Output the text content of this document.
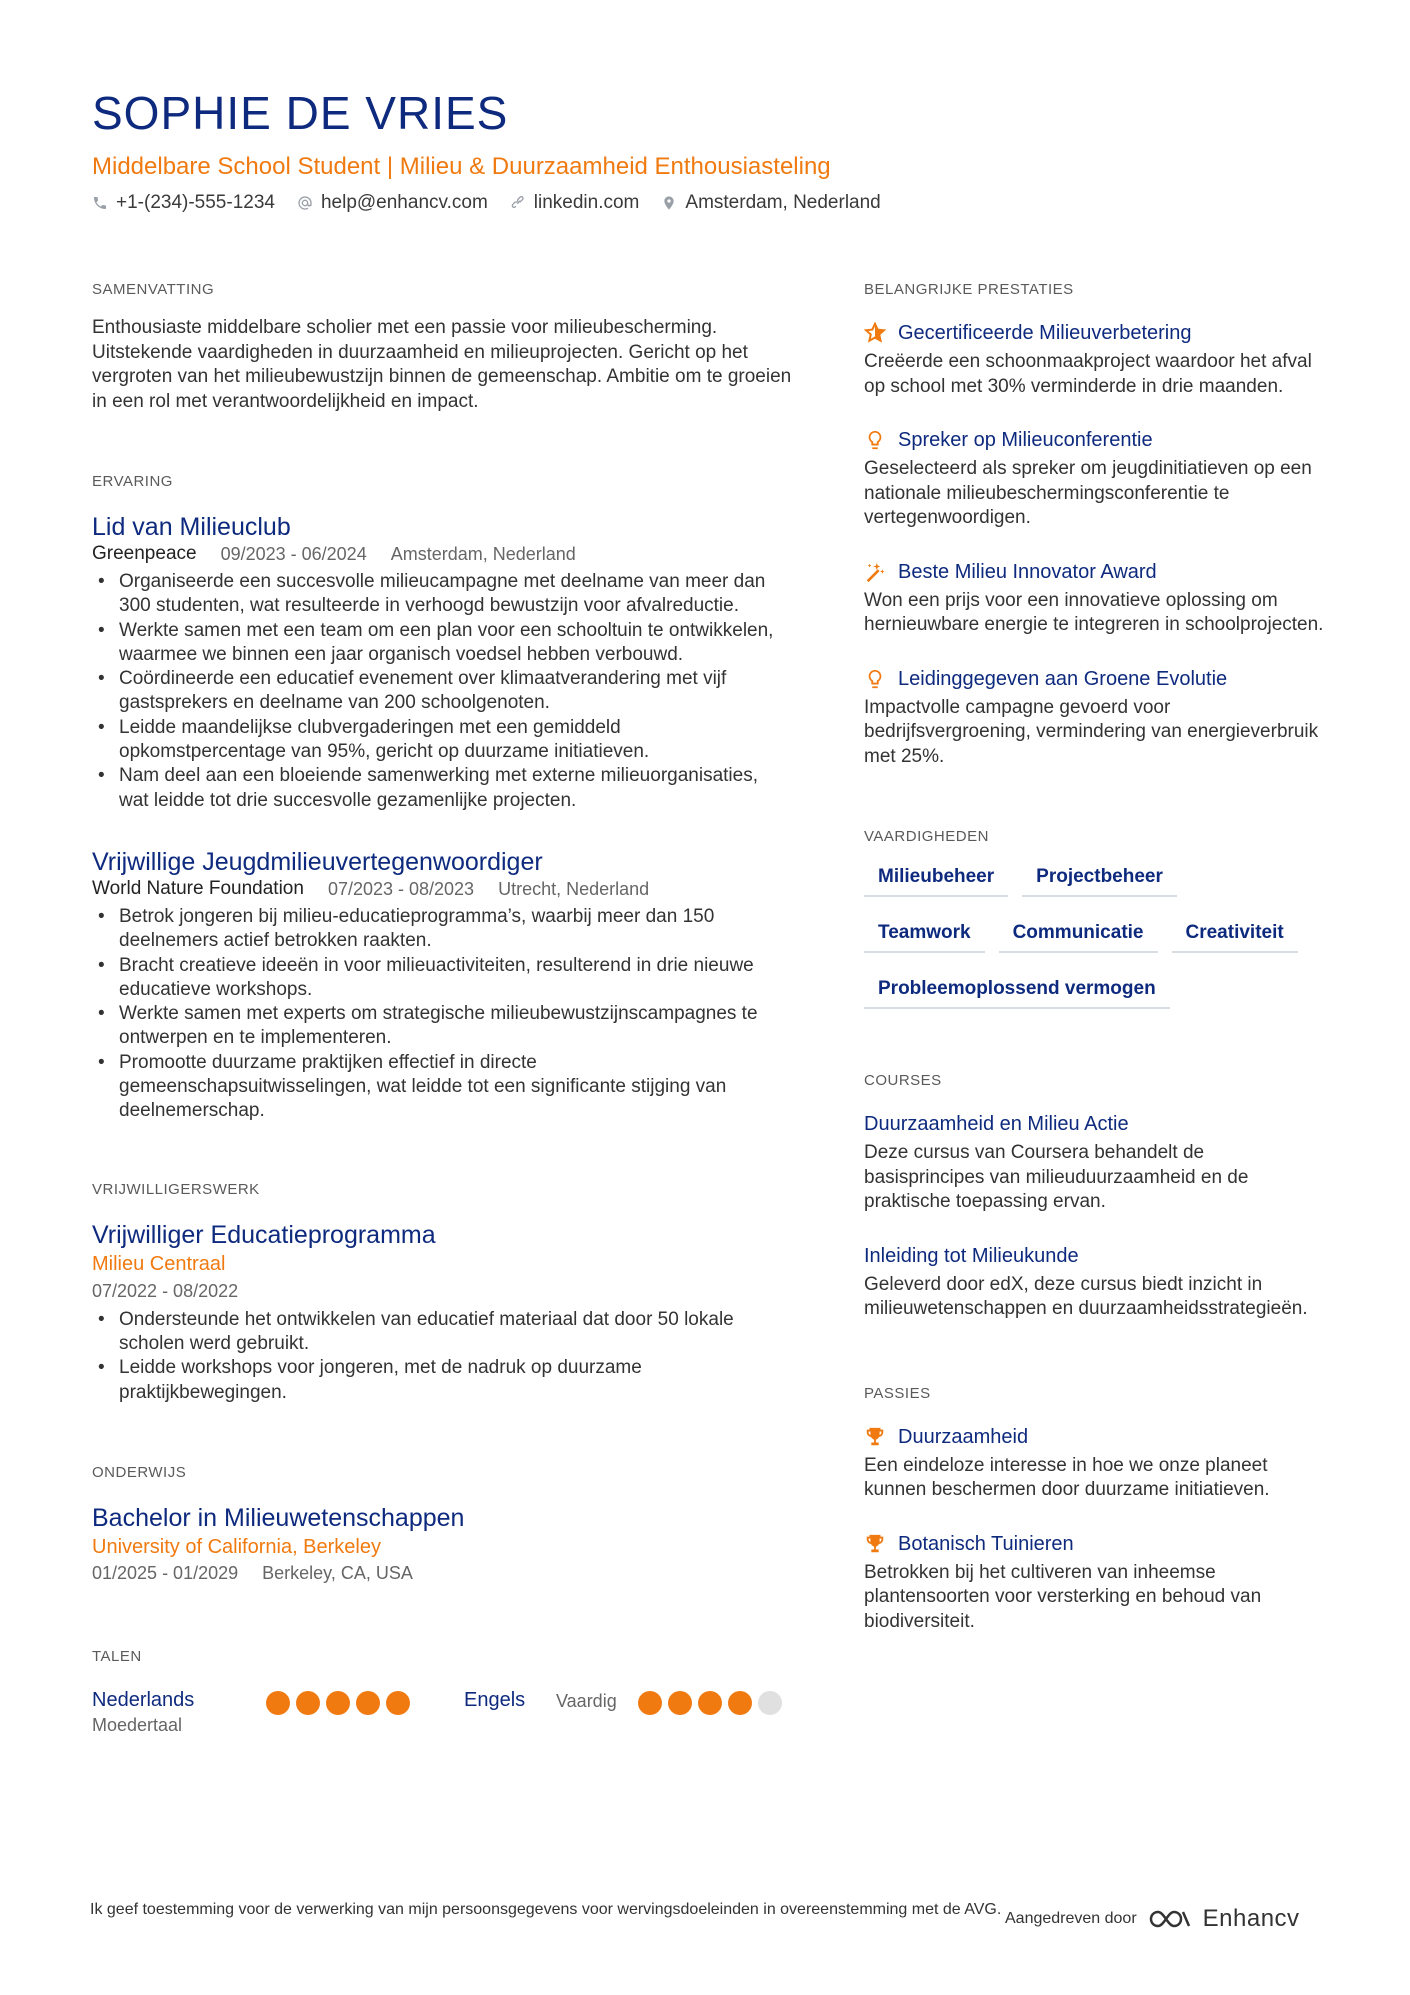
SOPHIE DE VRIES
Middelbare School Student | Milieu & Duurzaamheid Enthousiasteling
+1-(234)-555-1234 help@enhancv.com linkedin.com Amsterdam, Nederland
SAMENVATTING
Enthousiaste middelbare scholier met een passie voor milieubescherming. Uitstekende vaardigheden in duurzaamheid en milieuprojecten. Gericht op het vergroten van het milieubewustzijn binnen de gemeenschap. Ambitie om te groeien in een rol met verantwoordelijkheid en impact.
ERVARING
Lid van Milieuclub
Greenpeace 09/2023 - 06/2024 Amsterdam, Nederland
• Organiseerde een succesvolle milieucampagne met deelname van meer dan 300 studenten, wat resulteerde in verhoogd bewustzijn voor afvalreductie.
• Werkte samen met een team om een plan voor een schooltuin te ontwikkelen, waarmee we binnen een jaar organisch voedsel hebben verbouwd.
• Coördineerde een educatief evenement over klimaatverandering met vijf gastsprekers en deelname van 200 schoolgenoten.
• Leidde maandelijkse clubvergaderingen met een gemiddeld opkomstpercentage van 95%, gericht op duurzame initiatieven.
• Nam deel aan een bloeiende samenwerking met externe milieuorganisaties, wat leidde tot drie succesvolle gezamenlijke projecten.
Vrijwillige Jeugdmilieuvertegenwoordiger
World Nature Foundation 07/2023 - 08/2023 Utrecht, Nederland
• Betrok jongeren bij milieu-educatieprogramma’s, waarbij meer dan 150 deelnemers actief betrokken raakten.
• Bracht creatieve ideeën in voor milieuactiviteiten, resulterend in drie nieuwe educatieve workshops.
• Werkte samen met experts om strategische milieubewustzijnscampagnes te ontwerpen en te implementeren.
• Promootte duurzame praktijken effectief in directe gemeenschapsuitwisselingen, wat leidde tot een significante stijging van deelnemerschap.
VRIJWILLIGERSWERK
Vrijwilliger Educatieprogramma
Milieu Centraal
07/2022 - 08/2022
• Ondersteunde het ontwikkelen van educatief materiaal dat door 50 lokale scholen werd gebruikt.
• Leidde workshops voor jongeren, met de nadruk op duurzame praktijkbewegingen.
ONDERWIJS
Bachelor in Milieuwetenschappen
University of California, Berkeley
01/2025 - 01/2029 Berkeley, CA, USA
TALEN
Nederlands
Moedertaal
Engels	Vaardig
BELANGRIJKE PRESTATIES
Gecertificeerde Milieuverbetering
Creëerde een schoonmaakproject waardoor het afval op school met 30% verminderde in drie maanden.
Spreker op Milieuconferentie
Geselecteerd als spreker om jeugdinitiatieven op een nationale milieubeschermingsconferentie te vertegenwoordigen.
Beste Milieu Innovator Award
Won een prijs voor een innovatieve oplossing om hernieuwbare energie te integreren in schoolprojecten.
Leidinggegeven aan Groene Evolutie
Impactvolle campagne gevoerd voor bedrijfsvergroening, vermindering van energieverbruik met 25%.
VAARDIGHEDEN
Milieubeheer	Projectbeheer
Teamwork	Communicatie	Creativiteit
Probleemoplossend vermogen
COURSES
Duurzaamheid en Milieu Actie
Deze cursus van Coursera behandelt de basisprincipes van milieuduurzaamheid en de praktische toepassing ervan.
Inleiding tot Milieukunde
Geleverd door edX, deze cursus biedt inzicht in milieuwetenschappen en duurzaamheidsstrategieën.
PASSIES
Duurzaamheid
Een eindeloze interesse in hoe we onze planeet kunnen beschermen door duurzame initiatieven.
Botanisch Tuinieren
Betrokken bij het cultiveren van inheemse plantensoorten voor versterking en behoud van biodiversiteit.
Ik geef toestemming voor de verwerking van mijn persoonsgegevens voor wervingsdoeleinden in overeenstemming met de AVG.
Aangedreven door	Enhancv
